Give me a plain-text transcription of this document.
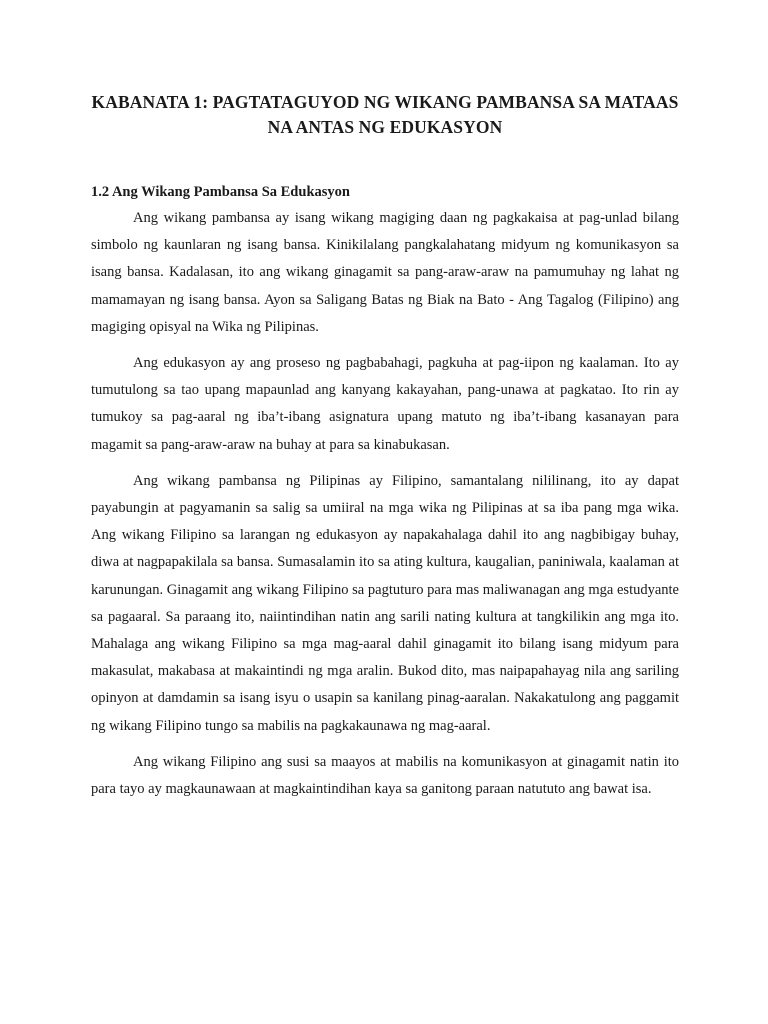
KABANATA 1: PAGTATAGUYOD NG WIKANG PAMBANSA SA MATAAS NA ANTAS NG EDUKASYON
1.2 Ang Wikang Pambansa Sa Edukasyon

Ang wikang pambansa ay isang wikang magiging daan ng pagkakaisa at pag-unlad bilang simbolo ng kaunlaran ng isang bansa. Kinikilalang pangkalahatang midyum ng komunikasyon sa isang bansa. Kadalasan, ito ang wikang ginagamit sa pang-araw-araw na pamumuhay ng lahat ng mamamayan ng isang bansa. Ayon sa Saligang Batas ng Biak na Bato - Ang Tagalog (Filipino) ang magiging opisyal na Wika ng Pilipinas.

Ang edukasyon ay ang proseso ng pagbabahagi, pagkuha at pag-iipon ng kaalaman. Ito ay tumutulong sa tao upang mapaunlad ang kanyang kakayahan, pang-unawa at pagkatao. Ito rin ay tumukoy sa pag-aaral ng iba’t-ibang asignatura upang matuto ng iba’t-ibang kasanayan para magamit sa pang-araw-araw na buhay at para sa kinabukasan.

Ang wikang pambansa ng Pilipinas ay Filipino, samantalang nililinang, ito ay dapat payabungin at pagyamanin sa salig sa umiiral na mga wika ng Pilipinas at sa iba pang mga wika. Ang wikang Filipino sa larangan ng edukasyon ay napakahalaga dahil ito ang nagbibigay buhay, diwa at nagpapakilala sa bansa. Sumasalamin ito sa ating kultura, kaugalian, paniniwala, kaalaman at karunungan. Ginagamit ang wikang Filipino sa pagtuturo para mas maliwanagan ang mga estudyante sa pagaaral. Sa paraang ito, naiintindihan natin ang sarili nating kultura at tangkilikin ang mga ito. Mahalaga ang wikang Filipino sa mga mag-aaral dahil ginagamit ito bilang isang midyum para makasulat, makabasa at makaintindi ng mga aralin. Bukod dito, mas naipapahayag nila ang sariling opinyon at damdamin sa isang isyu o usapin sa kanilang pinag-aaralan. Nakakatulong ang paggamit ng wikang Filipino tungo sa mabilis na pagkakaunawa ng mag-aaral.

Ang wikang Filipino ang susi sa maayos at mabilis na komunikasyon at ginagamit natin ito para tayo ay magkaunawaan at magkaintindihan kaya sa ganitong paraan natututo ang bawat isa.
